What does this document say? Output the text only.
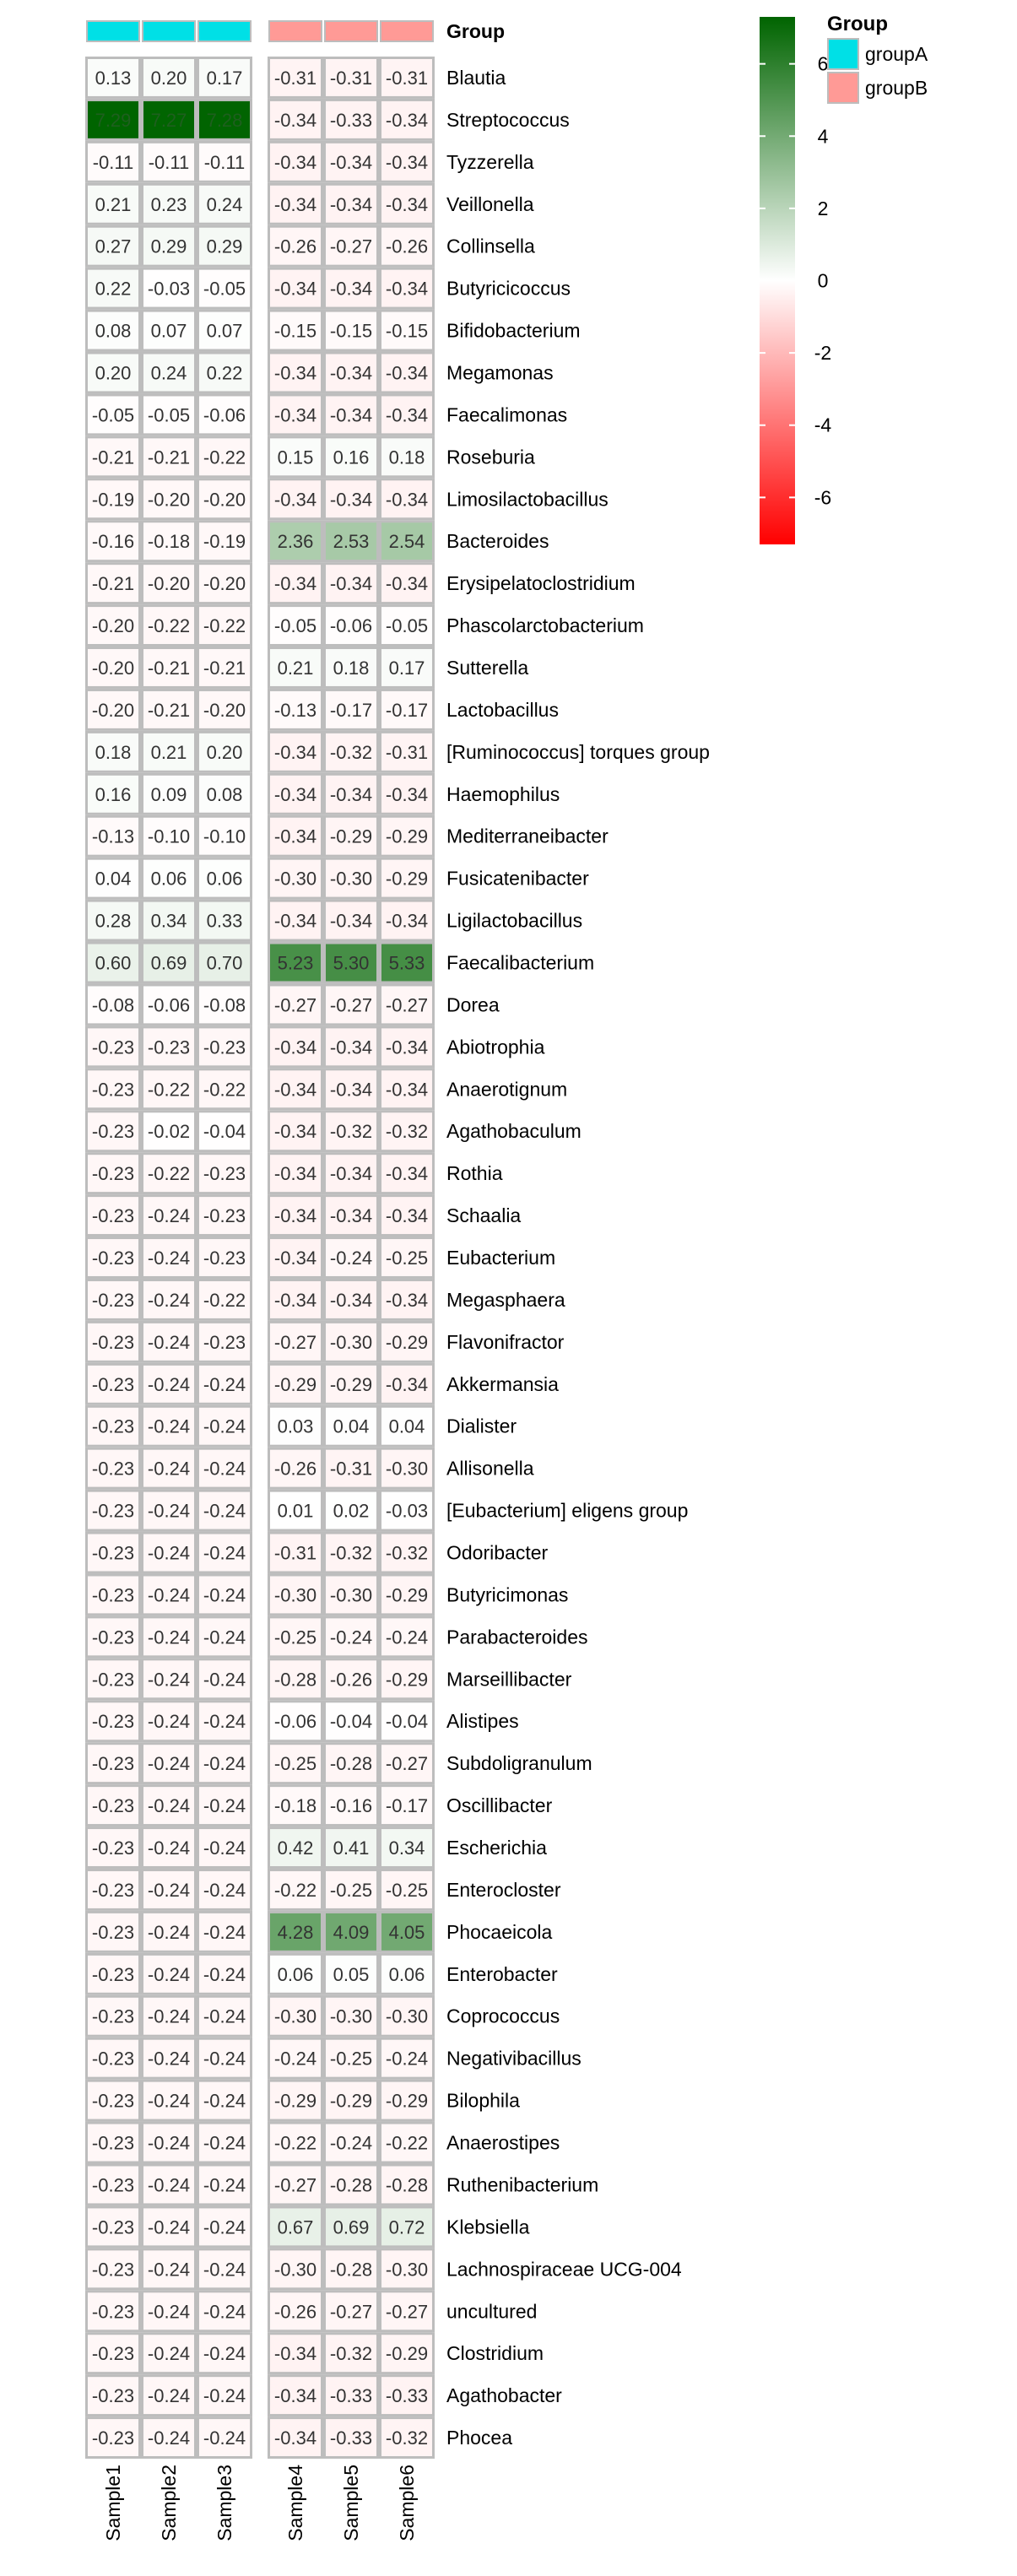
Group
0.13 0.20 0.17 -0.31 -0.31 -0.31
7.29 7.27 7.28 -0.34 -0.33 -0.34
-0.11 -0.11 -0.11 -0.34 -0.34 -0.34
0.21 0.23 0.24 -0.34 -0.34 -0.34
0.27 0.29 0.29 -0.26 -0.27 -0.26
0.22 -0.03 -0.05 -0.34 -0.34 -0.34
0.08 0.07 0.07 -0.15 -0.15 -0.15
0.20 0.24 0.22 -0.34 -0.34 -0.34
-0.05 -0.05 -0.06 -0.34 -0.34 -0.34
-0.21 -0.21 -0.22 0.15 0.16 0.18
-0.19 -0.20 -0.20 -0.34 -0.34 -0.34
-0.16 -0.18 -0.19 2.36 2.53 2.54
-0.21 -0.20 -0.20 -0.34 -0.34 -0.34
-0.20 -0.22 -0.22 -0.05 -0.06 -0.05
-0.20 -0.21 -0.21 0.21 0.18 0.17
-0.20 -0.21 -0.20 -0.13 -0.17 -0.17
0.18 0.21 0.20 -0.34 -0.32 -0.31
0.16 0.09 0.08 -0.34 -0.34 -0.34
-0.13 -0.10 -0.10 -0.34 -0.29 -0.29
0.04 0.06 0.06 -0.30 -0.30 -0.29
0.28 0.34 0.33 -0.34 -0.34 -0.34
0.60 0.69 0.70 5.23 5.30 5.33
-0.08 -0.06 -0.08 -0.27 -0.27 -0.27
-0.23 -0.23 -0.23 -0.34 -0.34 -0.34
-0.23 -0.22 -0.22 -0.34 -0.34 -0.34
-0.23 -0.02 -0.04 -0.34 -0.32 -0.32
-0.23 -0.22 -0.23 -0.34 -0.34 -0.34
-0.23 -0.24 -0.23 -0.34 -0.34 -0.34
-0.23 -0.24 -0.23 -0.34 -0.24 -0.25
-0.23 -0.24 -0.22 -0.34 -0.34 -0.34
-0.23 -0.24 -0.23 -0.27 -0.30 -0.29
-0.23 -0.24 -0.24 -0.29 -0.29 -0.34
-0.23 -0.24 -0.24 0.03 0.04 0.04
-0.23 -0.24 -0.24 -0.26 -0.31 -0.30
-0.23 -0.24 -0.24 0.01 0.02 -0.03
-0.23 -0.24 -0.24 -0.31 -0.32 -0.32
-0.23 -0.24 -0.24 -0.30 -0.30 -0.29
-0.23 -0.24 -0.24 -0.25 -0.24 -0.24
-0.23 -0.24 -0.24 -0.28 -0.26 -0.29
-0.23 -0.24 -0.24 -0.06 -0.04 -0.04
-0.23 -0.24 -0.24 -0.25 -0.28 -0.27
-0.23 -0.24 -0.24 -0.18 -0.16 -0.17
-0.23 -0.24 -0.24 0.42 0.41 0.34
-0.23 -0.24 -0.24 -0.22 -0.25 -0.25
-0.23 -0.24 -0.24 4.28 4.09 4.05
-0.23 -0.24 -0.24 0.06 0.05 0.06
-0.23 -0.24 -0.24 -0.30 -0.30 -0.30
-0.23 -0.24 -0.24 -0.24 -0.25 -0.24
-0.23 -0.24 -0.24 -0.29 -0.29 -0.29
-0.23 -0.24 -0.24 -0.22 -0.24 -0.22
-0.23 -0.24 -0.24 -0.27 -0.28 -0.28
-0.23 -0.24 -0.24 0.67 0.69 0.72
-0.23 -0.24 -0.24 -0.30 -0.28 -0.30
-0.23 -0.24 -0.24 -0.26 -0.27 -0.27
-0.23 -0.24 -0.24 -0.34 -0.32 -0.29
-0.23 -0.24 -0.24 -0.34 -0.33 -0.33
-0.23 -0.24 -0.24 -0.34 -0.33 -0.32
Blautia
Streptococcus
Tyzzerella
Veillonella
Collinsella
Butyricicoccus
Bifidobacterium
Megamonas
Faecalimonas
Roseburia
Limosilactobacillus
Bacteroides
Erysipelatoclostridium
Phascolarctobacterium
Sutterella
Lactobacillus
[Ruminococcus] torques group
Haemophilus
Mediterraneibacter
Fusicatenibacter
Ligilactobacillus
Faecalibacterium
Dorea
Abiotrophia
Anaerotignum
Agathobaculum
Rothia
Schaalia
Eubacterium
Megasphaera
Flavonifractor
Akkermansia
Dialister
Allisonella
[Eubacterium] eligens group
Odoribacter
Butyricimonas
Parabacteroides
Marseillibacter
Alistipes
Subdoligranulum
Oscillibacter
Escherichia
Enterocloster
Phocaeicola
Enterobacter
Coprococcus
Negativibacillus
Bilophila
Anaerostipes
Ruthenibacterium
Klebsiella
Lachnospiraceae UCG-004
uncultured
Clostridium
Agathobacter
Phocea
Sample1 Sample2 Sample3	Sample4 Sample5 Sample6
6
4
2
0
-2
-4
-6
Group
groupA
groupB
